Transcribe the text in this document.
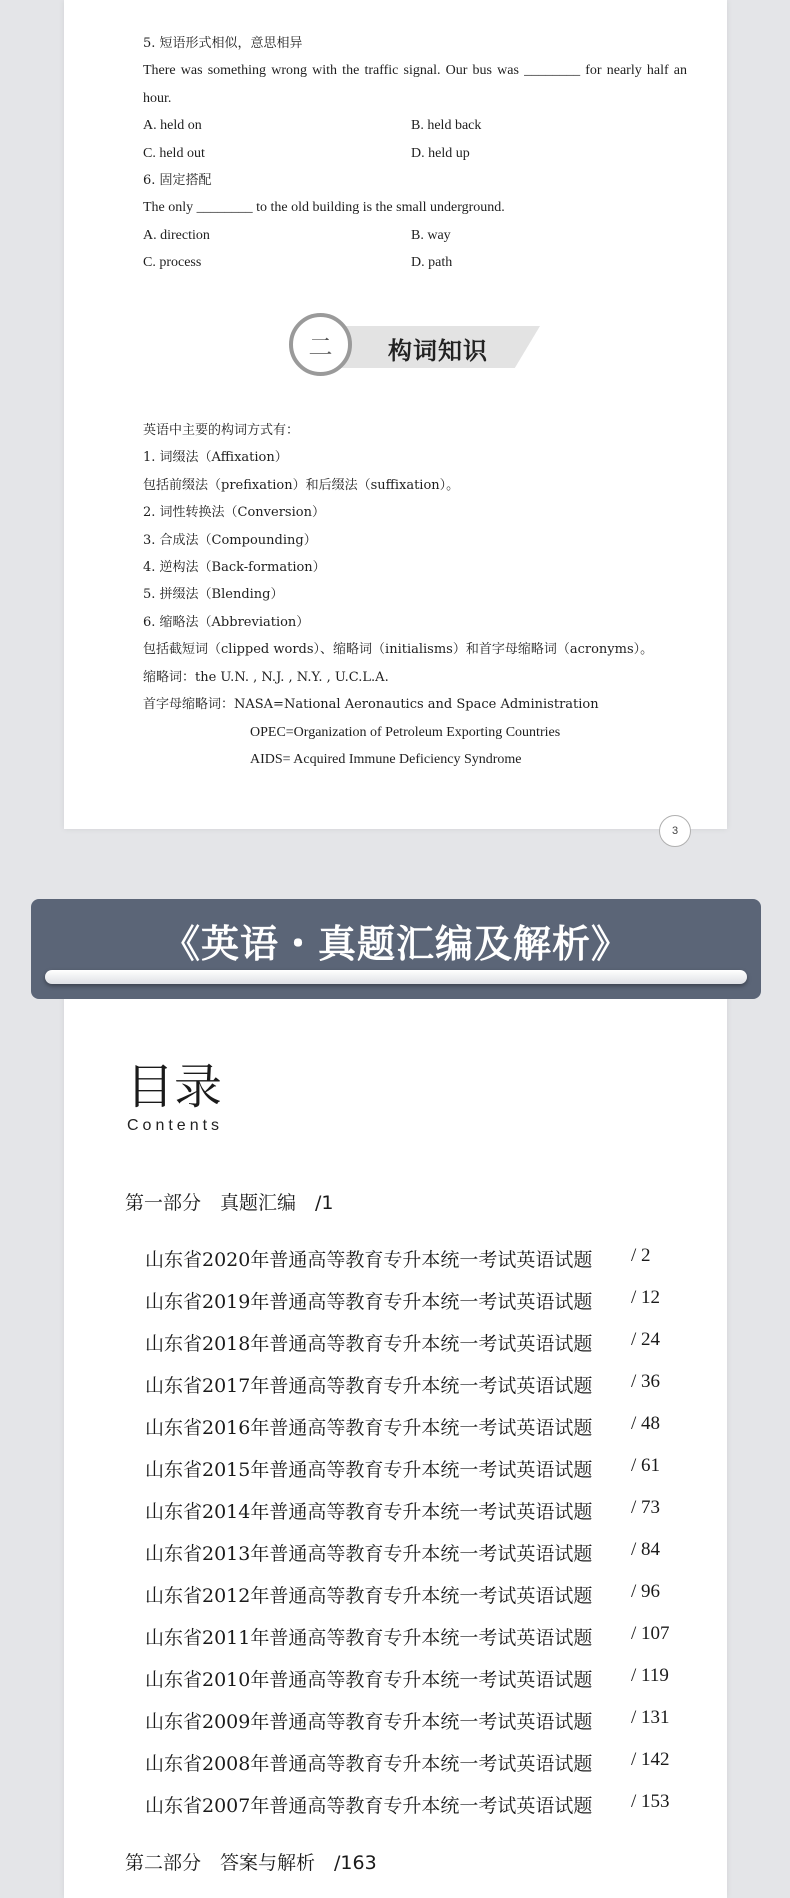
5. 短语形式相似，意思相异
There was something wrong with the traffic signal. Our bus was ________ for nearly half an hour.
A. held on	B. held back
C. held out	D. held up
6. 固定搭配
The only ________ to the old building is the small underground.
A. direction	B. way
C. process	D. path
英语中主要的构词方式有：
1. 词缀法（Affixation）
包括前缀法（prefixation）和后缀法（suffixation）。
2. 词性转换法（Conversion）
3. 合成法（Compounding）
4. 逆构法（Back-formation）
5. 拼缀法（Blending）
6. 缩略法（Abbreviation）
包括截短词（clipped words）、缩略词（initialisms）和首字母缩略词（acronyms）。
缩略词：the U.N. , N.J. , N.Y. , U.C.L.A.
首字母缩略词：NASA=National Aeronautics and Space Administration
OPEC=Organization of Petroleum Exporting Countries
AIDS= Acquired Immune Deficiency Syndrome
二	构词知识
3
目录
Contents
第一部分　真题汇编　/1
山东省2020年普通高等教育专升本统一考试英语试题 / 2
山东省2019年普通高等教育专升本统一考试英语试题 / 12
山东省2018年普通高等教育专升本统一考试英语试题 / 24
山东省2017年普通高等教育专升本统一考试英语试题 / 36
山东省2016年普通高等教育专升本统一考试英语试题 / 48
山东省2015年普通高等教育专升本统一考试英语试题 / 61
山东省2014年普通高等教育专升本统一考试英语试题 / 73
山东省2013年普通高等教育专升本统一考试英语试题 / 84
山东省2012年普通高等教育专升本统一考试英语试题 / 96
山东省2011年普通高等教育专升本统一考试英语试题 / 107
山东省2010年普通高等教育专升本统一考试英语试题 / 119
山东省2009年普通高等教育专升本统一考试英语试题 / 131
山东省2008年普通高等教育专升本统一考试英语试题 / 142
山东省2007年普通高等教育专升本统一考试英语试题 / 153
第二部分　答案与解析　/163
《英语・真题汇编及解析》
